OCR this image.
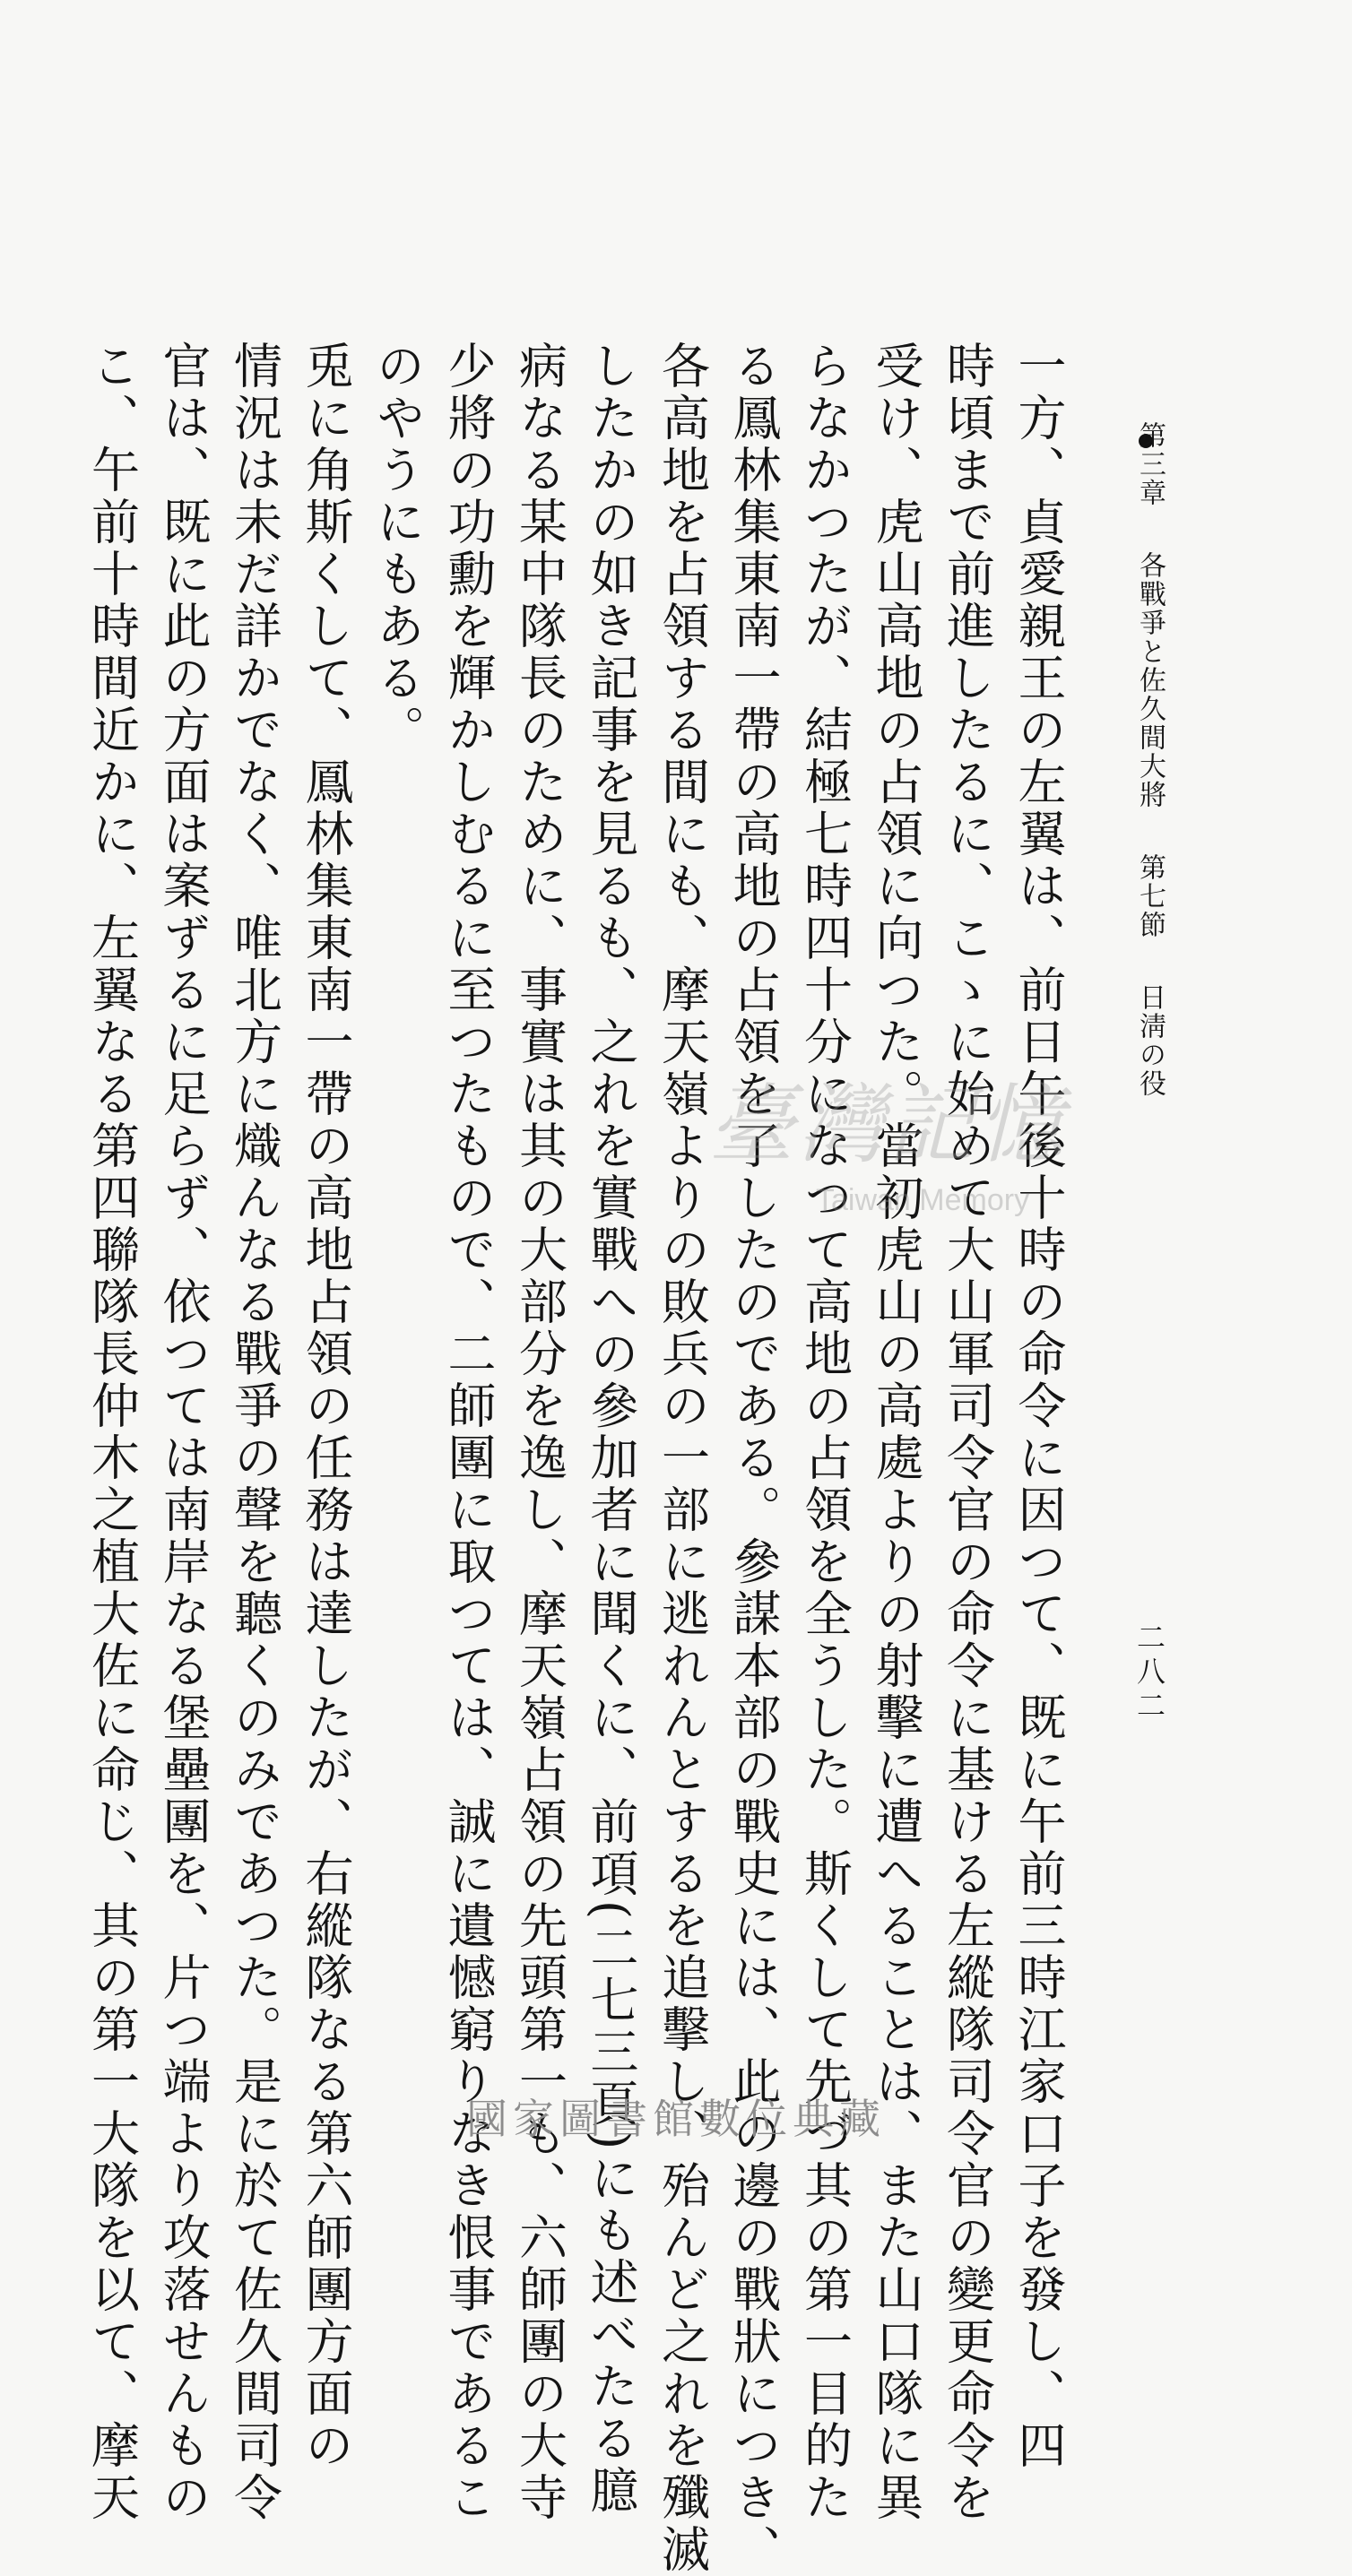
第三章  各戰爭と佐久間大將  第七節  日淸の役
二八二
一方、貞愛親王の左翼は、前日午後十時の命令に因つて、既に午前三時江家口子を發し、四
時頃まで前進したるに、こゝに始めて大山軍司令官の命令に基ける左縱隊司令官の變更命令を
受け、虎山高地の占領に向つた。當初虎山の高處よりの射擊に遭へることは、また山口隊に異
らなかつたが、結極七時四十分になつて高地の占領を全うした。斯くして先づ其の第一目的た
る鳳林集東南一帶の高地の占領を了したのである。參謀本部の戰史には、此の邊の戰狀につき、
各高地を占領する間にも、摩天嶺よりの敗兵の一部に逃れんとするを追擊し、殆んど之れを殲滅
したかの如き記事を見るも、之れを實戰への參加者に聞くに、前項(二七三頁)にも述べたる臆
病なる某中隊長のために、事實は其の大部分を逸し、摩天嶺占領の先頭第一も、六師團の大寺
少將の功勳を輝かしむるに至つたもので、二師團に取つては、誠に遺憾窮りなき恨事であるこ
のやうにもある。
兎に角斯くして、鳳林集東南一帶の高地占領の任務は達したが、右縱隊なる第六師團方面の
情況は未だ詳かでなく、唯北方に熾んなる戰爭の聲を聽くのみであつた。是に於て佐久間司令
官は、既に此の方面は案ずるに足らず、依つては南岸なる堡壘團を、片つ端より攻落せんもの
こ、午前十時間近かに、左翼なる第四聯隊長仲木之植大佐に命じ、其の第一大隊を以て、摩天	臺灣記憶
Taiwan Memory
國家圖書館數位典藏
